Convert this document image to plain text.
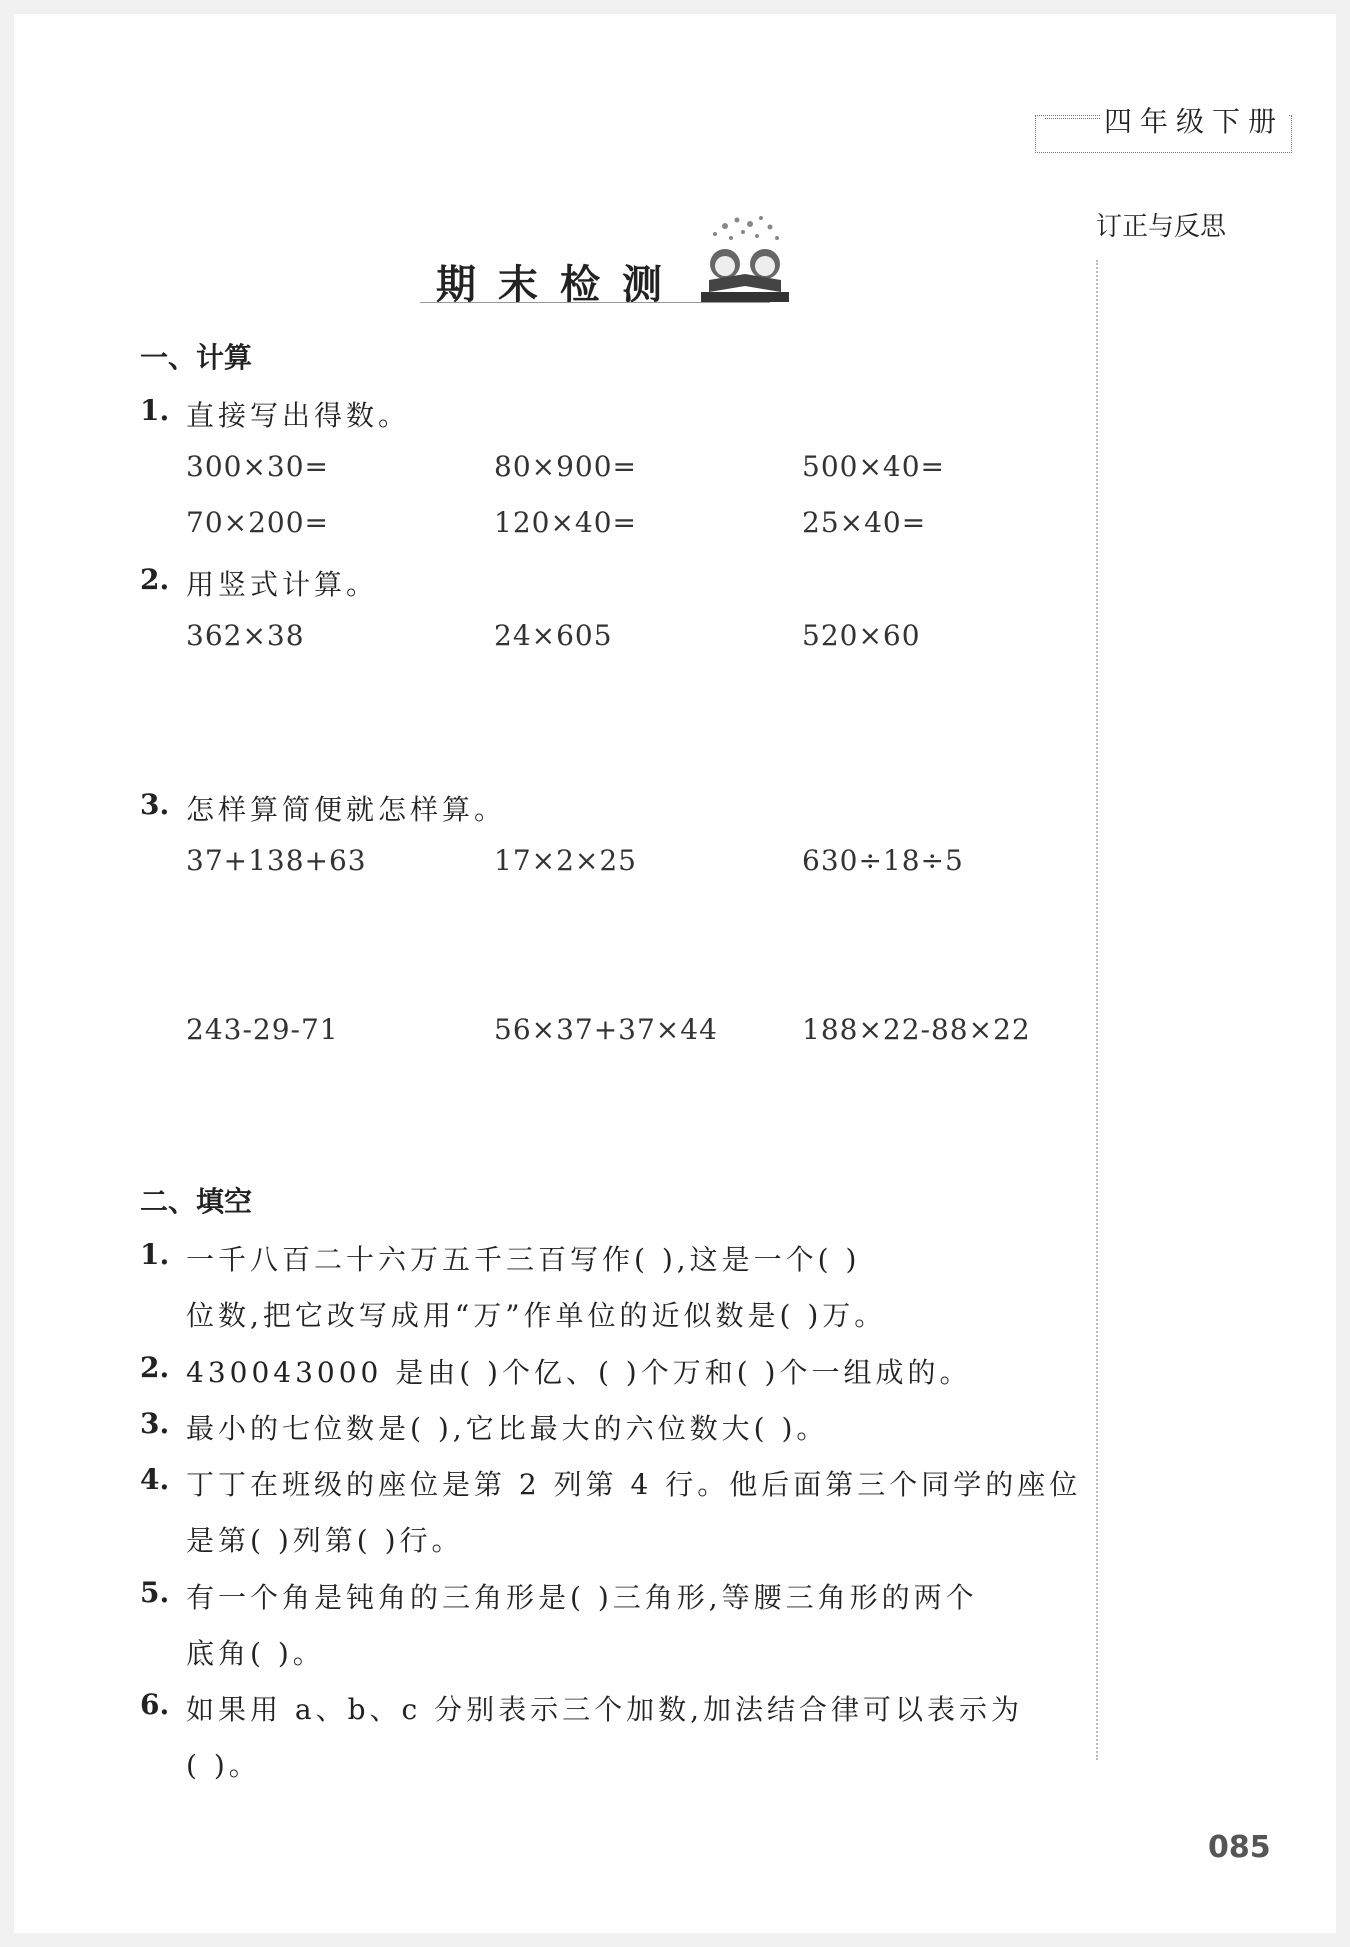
四年级下册
订正与反思
期末检测
一、计算
1. 直接写出得数。
300×30=	80×900=	500×40=
70×200=	120×40=	25×40=
2. 用竖式计算。
362×38	24×605	520×60
3. 怎样算简便就怎样算。
37+138+63	17×2×25	630÷18÷5
243-29-71	56×37+37×44	188×22-88×22
二、填空
1. 一千八百二十六万五千三百写作( ),这是一个( )
位数,把它改写成用“万”作单位的近似数是( )万。
2. 430043000 是由( )个亿、( )个万和( )个一组成的。
3. 最小的七位数是( ),它比最大的六位数大( )。
4. 丁丁在班级的座位是第 2 列第 4 行。他后面第三个同学的座位
是第( )列第( )行。
5. 有一个角是钝角的三角形是( )三角形,等腰三角形的两个
底角( )。
6. 如果用 a、b、c 分别表示三个加数,加法结合律可以表示为
( )。
085
